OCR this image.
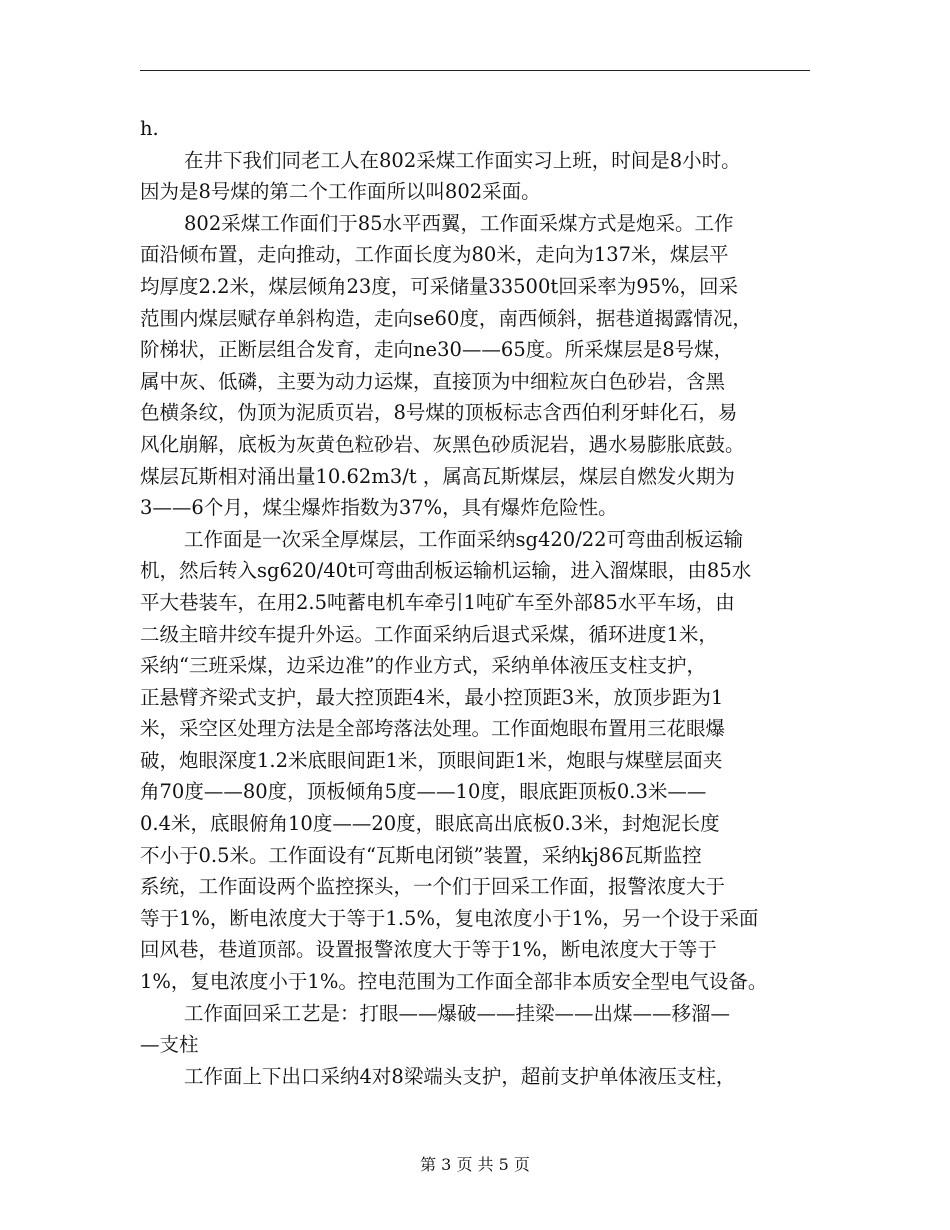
h.
在井下我们同老工人在802采煤工作面实习上班，时间是8小时。
因为是8号煤的第二个工作面所以叫802采面。
802采煤工作面们于85水平西翼，工作面采煤方式是炮采。工作
面沿倾布置，走向推动，工作面长度为80米，走向为137米，煤层平
均厚度2.2米，煤层倾角23度，可采储量33500t回采率为95%，回采
范围内煤层赋存单斜构造，走向se60度，南西倾斜，据巷道揭露情况，
阶梯状，正断层组合发育，走向ne30——65度。所采煤层是8号煤，
属中灰、低磷，主要为动力运煤，直接顶为中细粒灰白色砂岩，含黑
色横条纹，伪顶为泥质页岩，8号煤的顶板标志含西伯利牙蚌化石，易
风化崩解，底板为灰黄色粒砂岩、灰黑色砂质泥岩，遇水易膨胀底鼓。
煤层瓦斯相对涌出量10.62m3/t ，属高瓦斯煤层，煤层自燃发火期为
3——6个月，煤尘爆炸指数为37%，具有爆炸危险性。
工作面是一次采全厚煤层，工作面采纳sg420/22可弯曲刮板运输
机，然后转入sg620/40t可弯曲刮板运输机运输，进入溜煤眼，由85水
平大巷装车，在用2.5吨蓄电机车牵引1吨矿车至外部85水平车场，由
二级主暗井绞车提升外运。工作面采纳后退式采煤，循环进度1米，
采纳“三班采煤，边采边准”的作业方式，采纳单体液压支柱支护，
正悬臂齐梁式支护，最大控顶距4米，最小控顶距3米，放顶步距为1
米，采空区处理方法是全部垮落法处理。工作面炮眼布置用三花眼爆
破，炮眼深度1.2米底眼间距1米，顶眼间距1米，炮眼与煤壁层面夹
角70度——80度，顶板倾角5度——10度，眼底距顶板0.3米——
0.4米，底眼俯角10度——20度，眼底高出底板0.3米，封炮泥长度
不小于0.5米。工作面设有“瓦斯电闭锁”装置，采纳kj86瓦斯监控
系统，工作面设两个监控探头，一个们于回采工作面，报警浓度大于
等于1%，断电浓度大于等于1.5%，复电浓度小于1%，另一个设于采面
回风巷，巷道顶部。设置报警浓度大于等于1%，断电浓度大于等于
1%，复电浓度小于1%。控电范围为工作面全部非本质安全型电气设备。
工作面回采工艺是：打眼——爆破——挂梁——出煤——移溜—
—支柱
工作面上下出口采纳4对8梁端头支护，超前支护单体液压支柱，
第 3 页 共 5 页
